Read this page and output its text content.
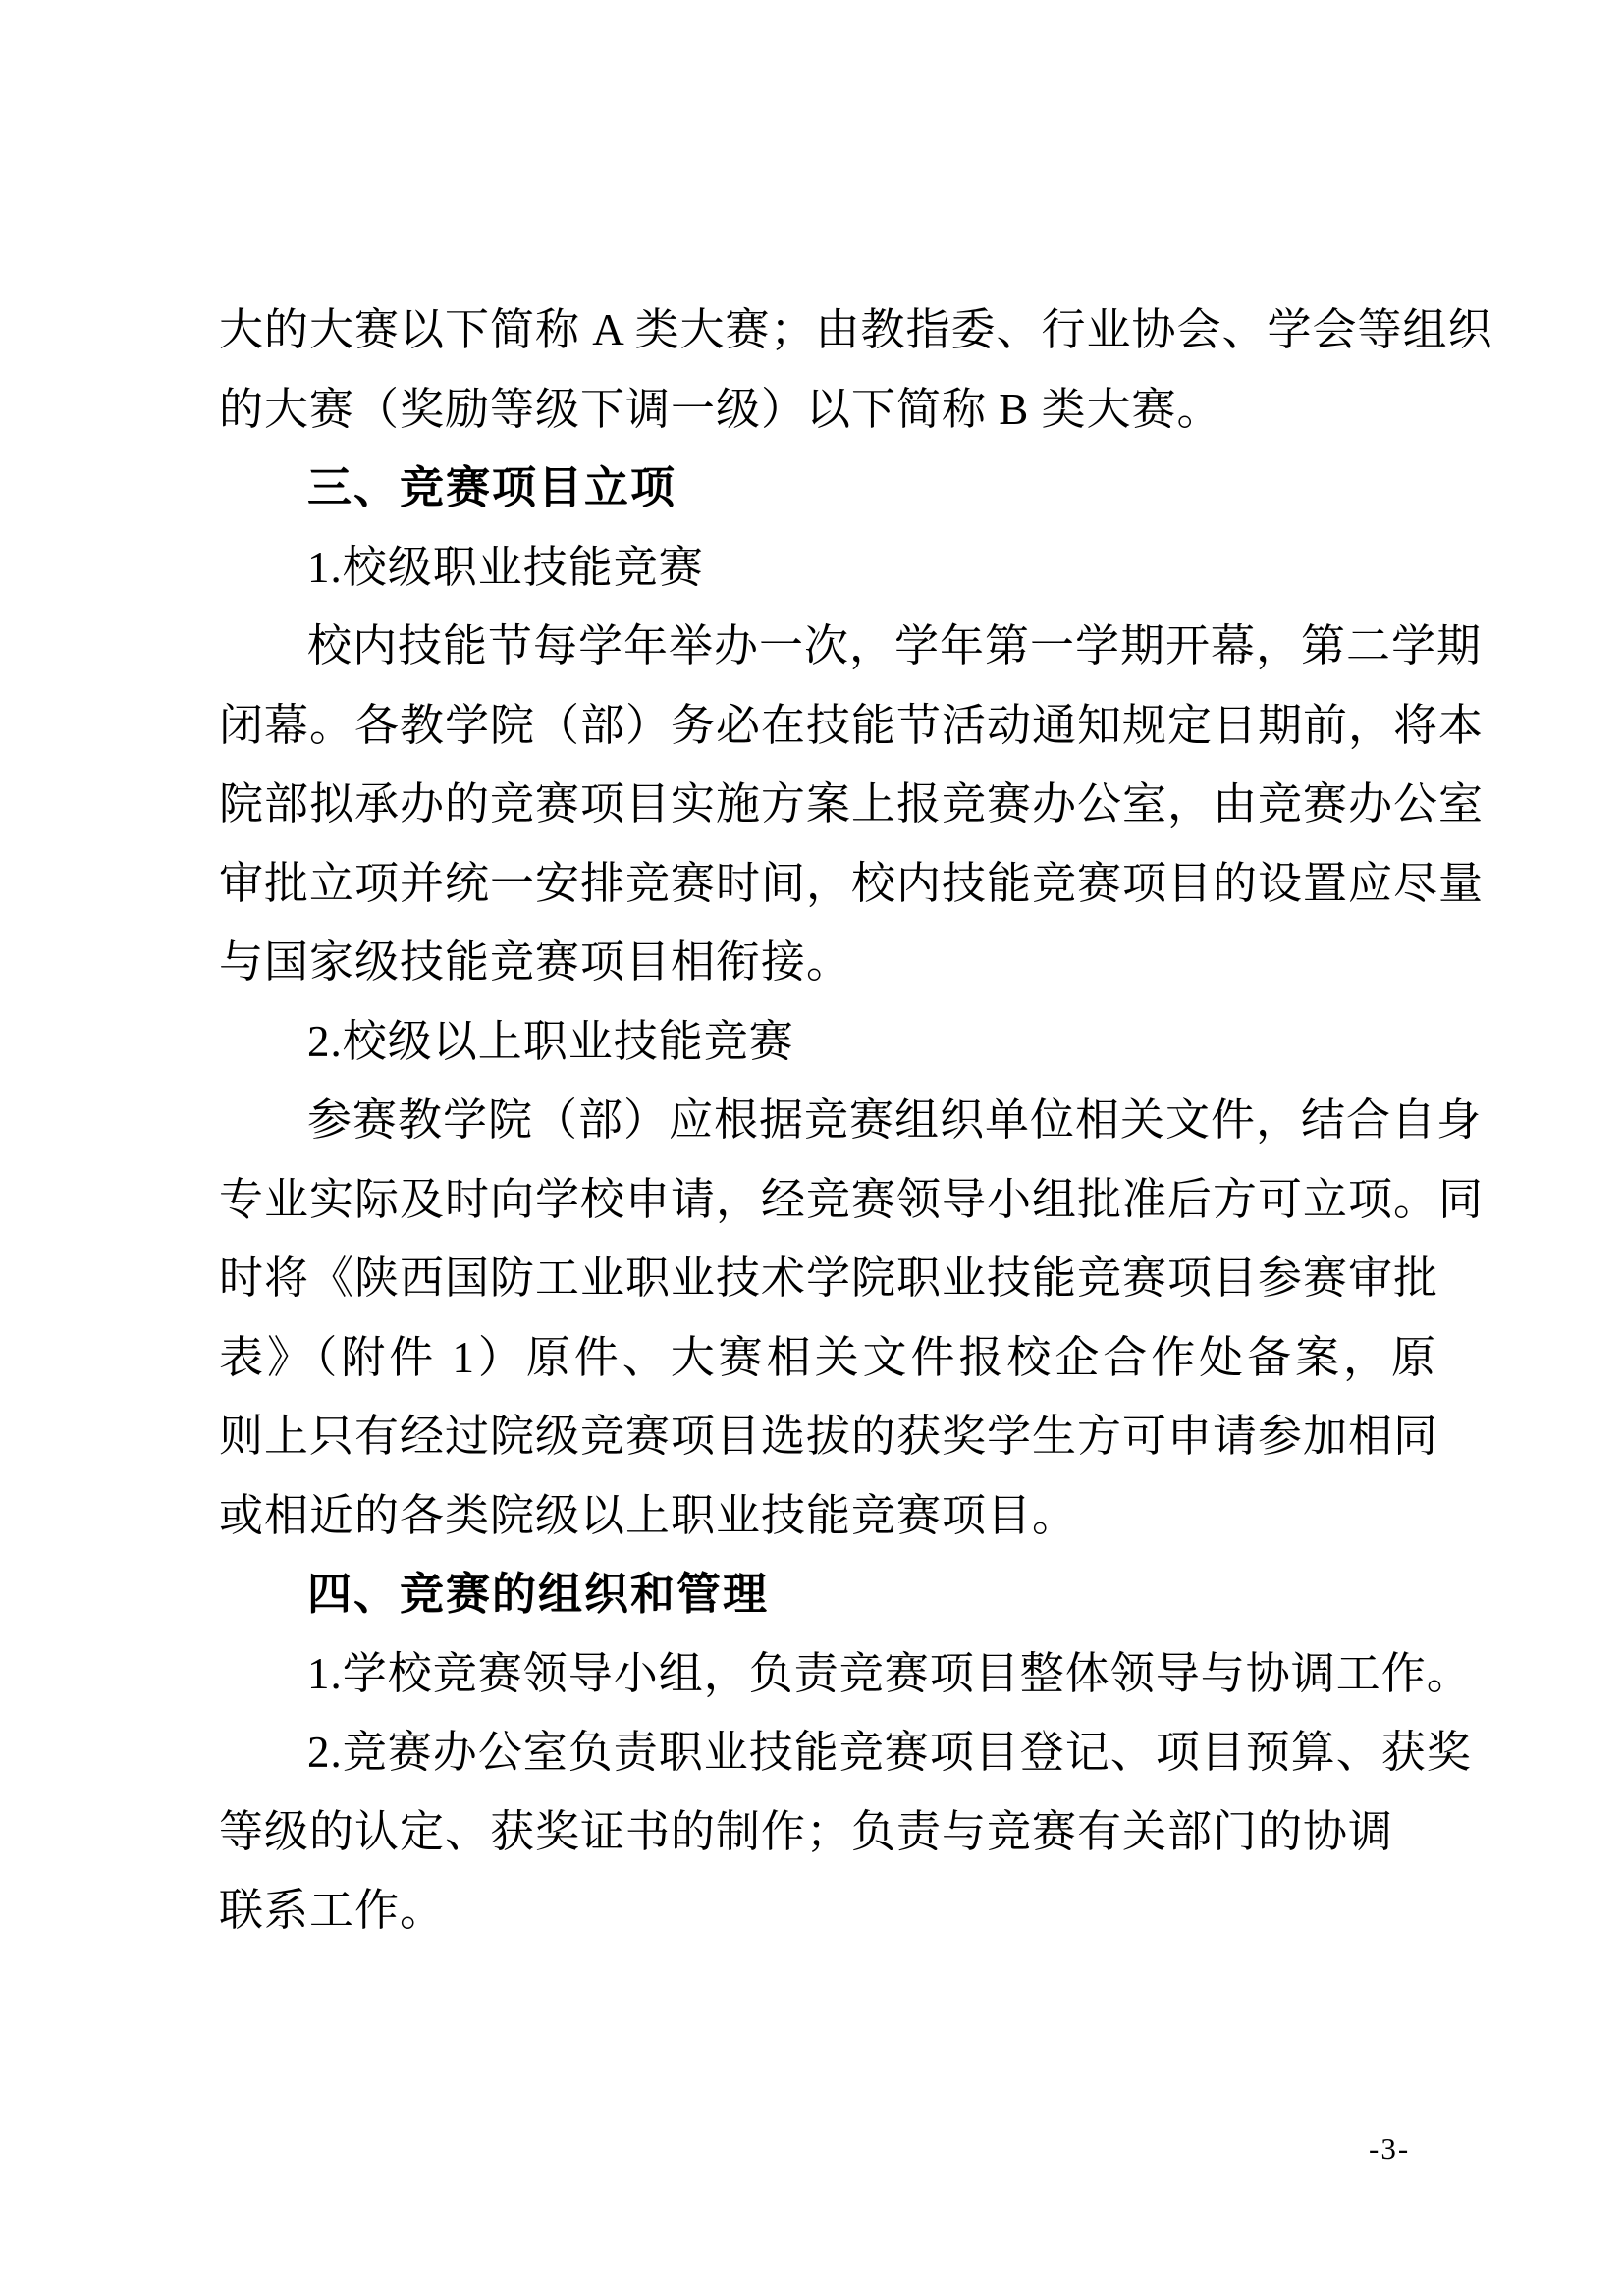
大的大赛以下简称 A 类大赛；由教指委、行业协会、学会等组织
的大赛（奖励等级下调一级）以下简称 B 类大赛。
三、竞赛项目立项
1.校级职业技能竞赛
校内技能节每学年举办一次，学年第一学期开幕，第二学期
闭幕。各教学院（部）务必在技能节活动通知规定日期前，将本
院部拟承办的竞赛项目实施方案上报竞赛办公室，由竞赛办公室
审批立项并统一安排竞赛时间，校内技能竞赛项目的设置应尽量
与国家级技能竞赛项目相衔接。
2.校级以上职业技能竞赛
参赛教学院（部）应根据竞赛组织单位相关文件，结合自身
专业实际及时向学校申请，经竞赛领导小组批准后方可立项。同
时将《陕西国防工业职业技术学院职业技能竞赛项目参赛审批
表》（附件 1）原件、大赛相关文件报校企合作处备案，原
则上只有经过院级竞赛项目选拔的获奖学生方可申请参加相同
或相近的各类院级以上职业技能竞赛项目。
四、竞赛的组织和管理
1.学校竞赛领导小组，负责竞赛项目整体领导与协调工作。
2.竞赛办公室负责职业技能竞赛项目登记、项目预算、获奖
等级的认定、获奖证书的制作；负责与竞赛有关部门的协调
联系工作。
-3-
